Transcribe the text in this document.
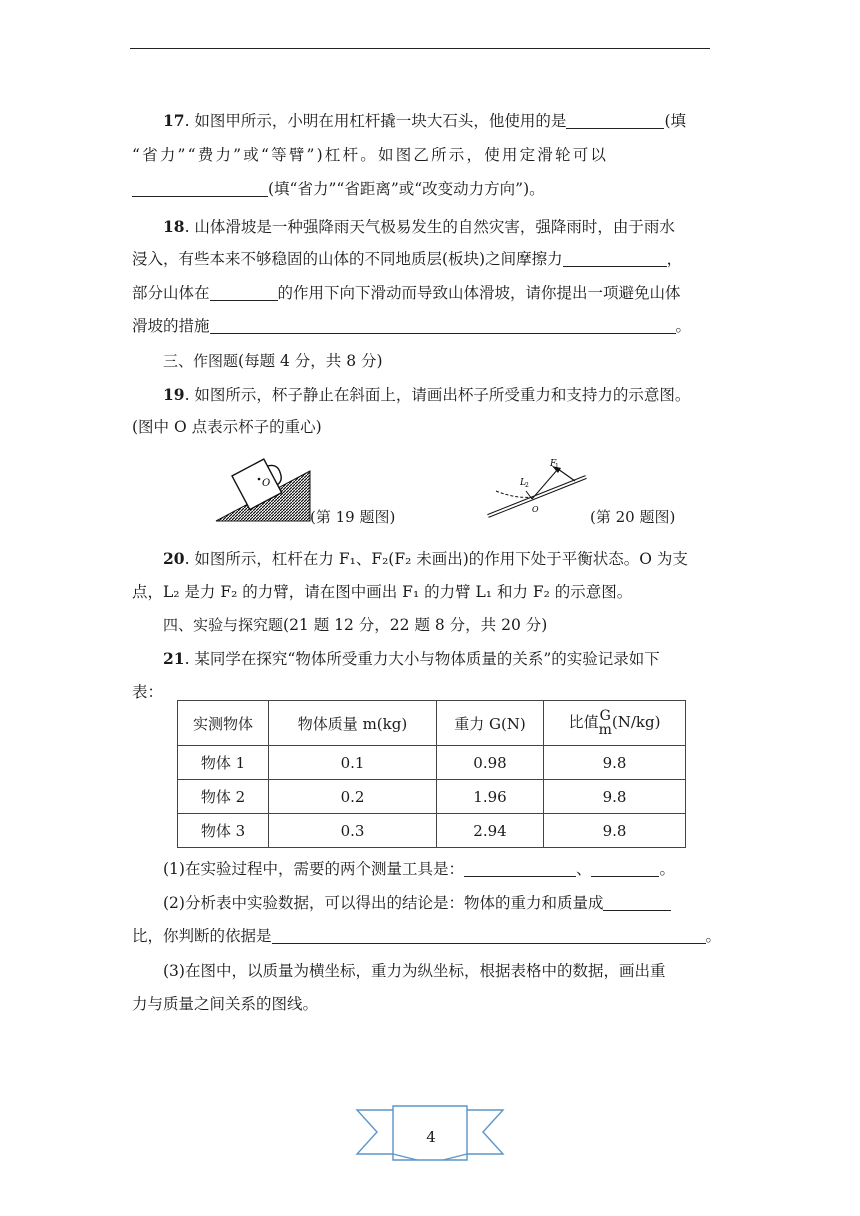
17. 如图甲所示，小明在用杠杆撬一块大石头，他使用的是	(填
“省力”“费力”或“等臂”)杠杆。如图乙所示，使用定滑轮可以
(填“省力”“省距离”或“改变动力方向”)。
18. 山体滑坡是一种强降雨天气极易发生的自然灾害，强降雨时，由于雨水
浸入，有些本来不够稳固的山体的不同地质层(板块)之间摩擦力	，
部分山体在	的作用下向下滑动而导致山体滑坡，请你提出一项避免山体
滑坡的措施	。
三、作图题(每题 4 分，共 8 分)
19. 如图所示，杯子静止在斜面上，请画出杯子所受重力和支持力的示意图。
(图中 O 点表示杯子的重心)
O
(第 19 题图)
F
1
L 2
O	(第 20 题图)
20. 如图所示，杠杆在力 F₁、F₂(F₂ 未画出)的作用下处于平衡状态。O 为支
点，L₂ 是力 F₂ 的力臂，请在图中画出 F₁ 的力臂 L₁ 和力 F₂ 的示意图。
四、实验与探究题(21 题 12 分，22 题 8 分，共 20 分)
21. 某同学在探究“物体所受重力大小与物体质量的关系”的实验记录如下
表：
实测物体	物体质量 m(kg)	重力 G(N)	比值 G
m (N/kg)
物体 1	0.1	0.98	9.8
物体 2	0.2	1.96	9.8
物体 3	0.3	2.94	9.8
(1)在实验过程中，需要的两个测量工具是：	、	。
(2)分析表中实验数据，可以得出的结论是：物体的重力和质量成
比，你判断的依据是	。
(3)在图中，以质量为横坐标，重力为纵坐标，根据表格中的数据，画出重
力与质量之间关系的图线。
4
